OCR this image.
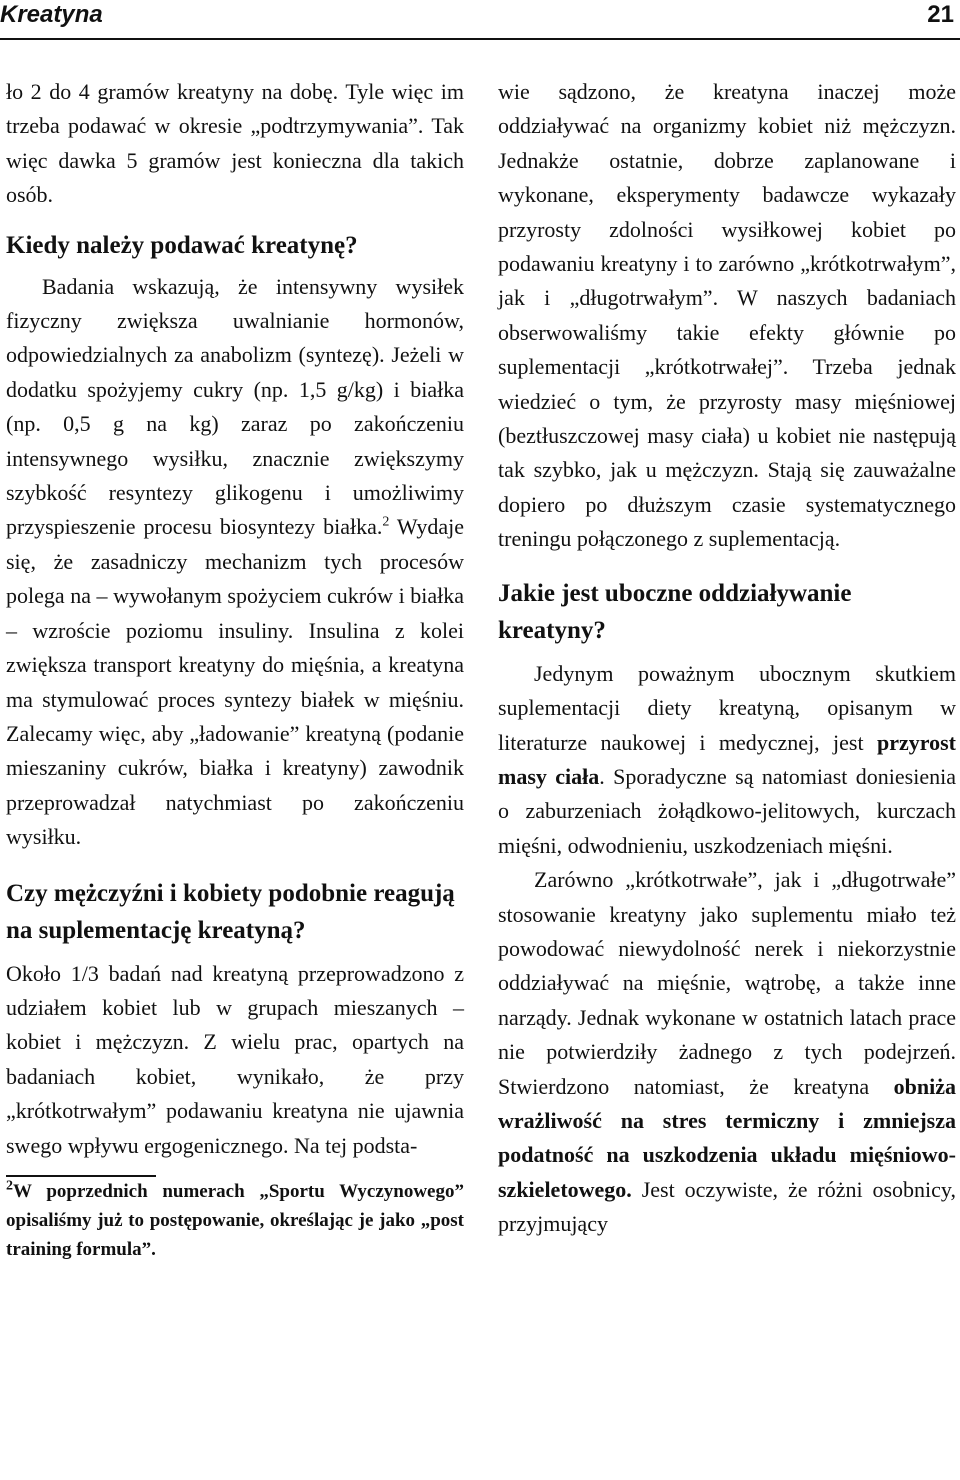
Kreatyna	21

ło 2 do 4 gramów kreatyny na dobę. Tyle więc im trzeba podawać w okresie „podtrzymywania”. Tak więc dawka 5 gramów jest konieczna dla takich osób.

Kiedy należy podawać kreatynę?

Badania wskazują, że intensywny wysiłek fizyczny zwiększa uwalnianie hormonów, odpowiedzialnych za anabolizm (syntezę). Jeżeli w dodatku spożyjemy cukry (np. 1,5 g/kg) i białka (np. 0,5 g na kg) zaraz po zakończeniu intensywnego wysiłku, znacznie zwiększymy szybkość resyntezy glikogenu i umożliwimy przyspieszenie procesu biosyntezy białka.$^2$ Wydaje się, że zasadniczy mechanizm tych procesów polega na – wywołanym spożyciem cukrów i białka – wzroście poziomu insuliny. Insulina z kolei zwiększa transport kreatyny do mięśnia, a kreatyna ma stymulować proces syntezy białek w mięśniu. Zalecamy więc, aby „ładowanie” kreatyną (podanie mieszaniny cukrów, białka i kreatyny) zawodnik przeprowadzał natychmiast po zakończeniu wysiłku.

Czy mężczyźni i kobiety podobnie reagują na suplementację kreatyną?

Około 1/3 badań nad kreatyną przeprowadzono z udziałem kobiet lub w grupach mieszanych – kobiet i mężczyzn. Z wielu prac, opartych na badaniach kobiet, wynikało, że przy „krótkotrwałym” podawaniu kreatyna nie ujawnia swego wpływu ergogenicznego. Na tej podsta-

$^2$W poprzednich numerach „Sportu Wyczynowego” opisaliśmy już to postępowanie, określając je jako „post training formula”.

wie sądzono, że kreatyna inaczej może oddziaływać na organizmy kobiet niż mężczyzn. Jednakże ostatnie, dobrze zaplanowane i wykonane, eksperymenty badawcze wykazały przyrosty zdolności wysiłkowej kobiet po podawaniu kreatyny i to zarówno „krótkotrwałym”, jak i „długotrwałym”. W naszych badaniach obserwowaliśmy takie efekty głównie po suplementacji „krótkotrwałej”. Trzeba jednak wiedzieć o tym, że przyrosty masy mięśniowej (beztłuszczowej masy ciała) u kobiet nie następują tak szybko, jak u mężczyzn. Stają się zauważalne dopiero po dłuższym czasie systematycznego treningu połączonego z suplementacją.

Jakie jest uboczne oddziaływanie kreatyny?

Jedynym poważnym ubocznym skutkiem suplementacji diety kreatyną, opisanym w literaturze naukowej i medycznej, jest przyrost masy ciała. Sporadyczne są natomiast doniesienia o zaburzeniach żołądkowo-jelitowych, kurczach mięśni, odwodnieniu, uszkodzeniach mięśni.

Zarówno „krótkotrwałe”, jak i „długotrwałe” stosowanie kreatyny jako suplementu miało też powodować niewydolność nerek i niekorzystnie oddziaływać na mięśnie, wątrobę, a także inne narządy. Jednak wykonane w ostatnich latach prace nie potwierdziły żadnego z tych podejrzeń. Stwierdzono natomiast, że kreatyna obniża wrażliwość na stres termiczny i zmniejsza podatność na uszkodzenia układu mięśniowo-szkieletowego. Jest oczywiste, że różni osobnicy, przyjmujący
